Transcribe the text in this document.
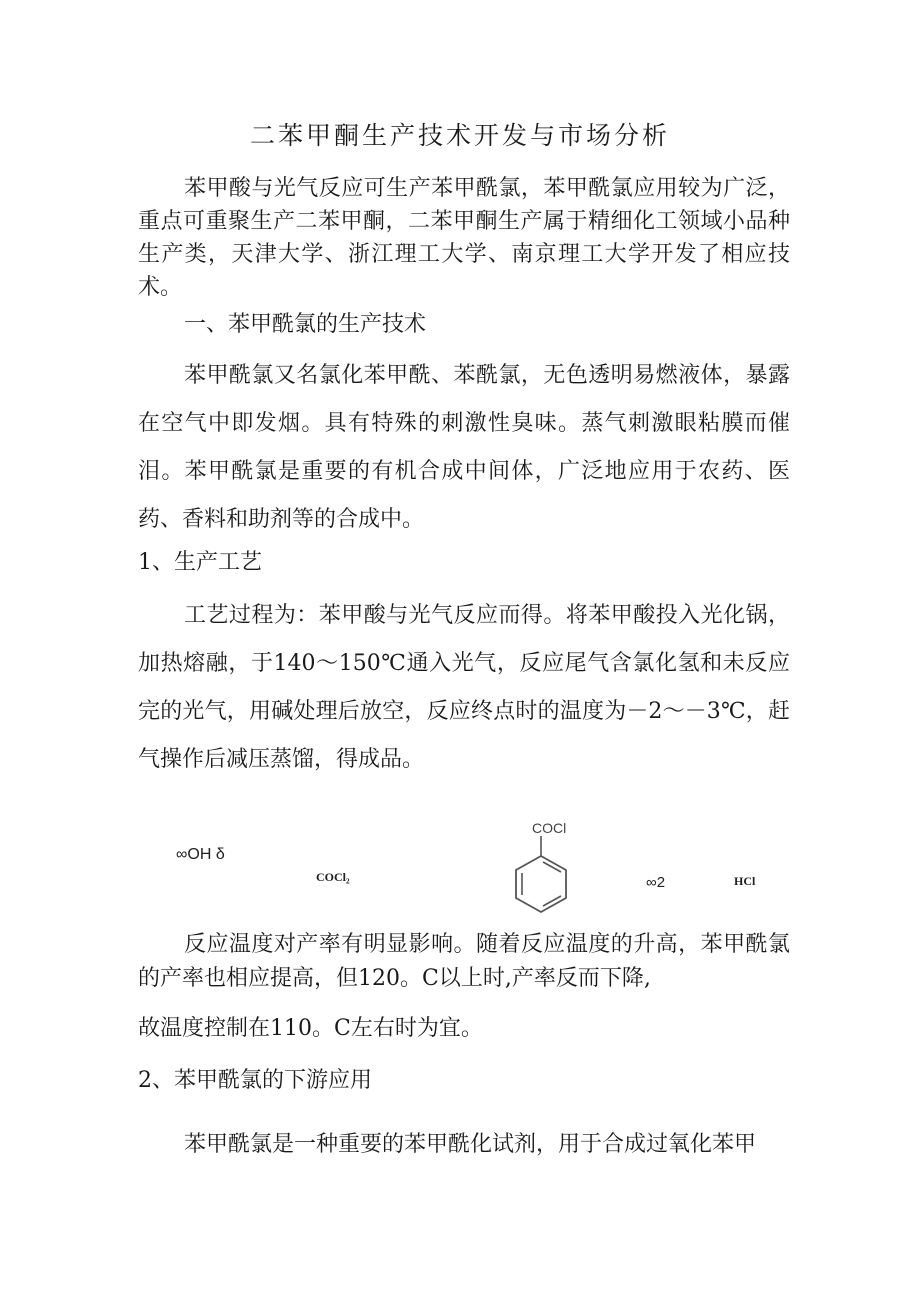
二苯甲酮生产技术开发与市场分析

苯甲酸与光气反应可生产苯甲酰氯，苯甲酰氯应用较为广泛，重点可重聚生产二苯甲酮，二苯甲酮生产属于精细化工领域小品种生产类，天津大学、浙江理工大学、南京理工大学开发了相应技术。

一、苯甲酰氯的生产技术

苯甲酰氯又名氯化苯甲酰、苯酰氯，无色透明易燃液体，暴露在空气中即发烟。具有特殊的刺激性臭味。蒸气刺激眼粘膜而催泪。苯甲酰氯是重要的有机合成中间体，广泛地应用于农药、医药、香料和助剂等的合成中。

1、生产工艺

工艺过程为：苯甲酸与光气反应而得。将苯甲酸投入光化锅，加热熔融，于140～150℃通入光气，反应尾气含氯化氢和未反应完的光气，用碱处理后放空，反应终点时的温度为－2～－3℃，赶气操作后减压蒸馏，得成品。

∞OH δ
COCl₂
COCl
∞2	HCl

反应温度对产率有明显影响。随着反应温度的升高，苯甲酰氯的产率也相应提高，但120。C以上时,产率反而下降,

故温度控制在110。C左右时为宜。

2、苯甲酰氯的下游应用

苯甲酰氯是一种重要的苯甲酰化试剂，用于合成过氧化苯甲
